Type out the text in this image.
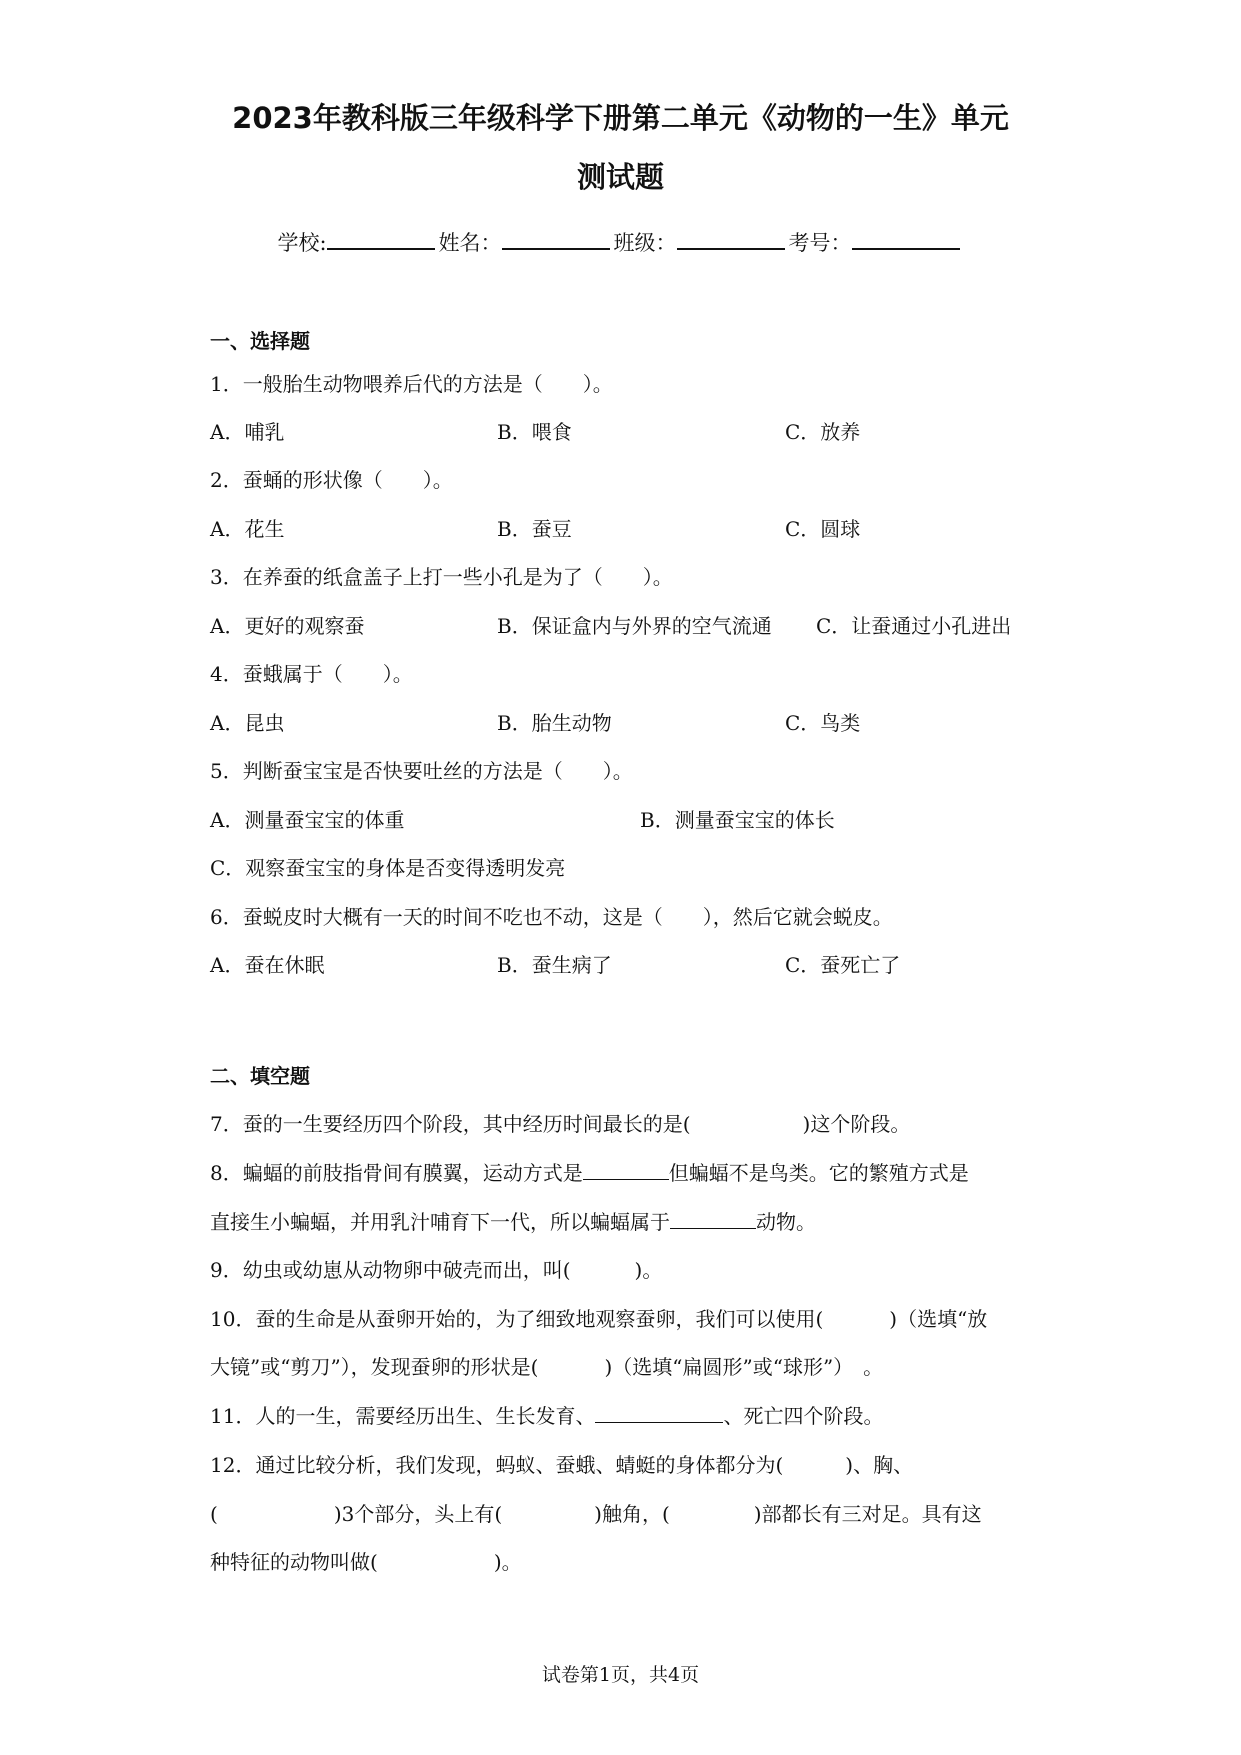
2023年教科版三年级科学下册第二单元《动物的一生》单元
测试题
学校:	姓名：	班级：	考号：
一、选择题
1．一般胎生动物喂养后代的方法是（　　）。
A．哺乳	B．喂食	C．放养
2．蚕蛹的形状像（　　）。
A．花生	B．蚕豆	C．圆球
3．在养蚕的纸盒盖子上打一些小孔是为了（　　）。
A．更好的观察蚕	B．保证盒内与外界的空气流通 C．让蚕通过小孔进出
4．蚕蛾属于（　　）。
A．昆虫	B．胎生动物	C．鸟类
5．判断蚕宝宝是否快要吐丝的方法是（　　）。
A．测量蚕宝宝的体重	B．测量蚕宝宝的体长
C．观察蚕宝宝的身体是否变得透明发亮
6．蚕蜕皮时大概有一天的时间不吃也不动，这是（　　），然后它就会蜕皮。
A．蚕在休眠	B．蚕生病了	C．蚕死亡了
二、填空题
7．蚕的一生要经历四个阶段，其中经历时间最长的是(	)这个阶段。
8．蝙蝠的前肢指骨间有膜翼，运动方式是	但蝙蝠不是鸟类。它的繁殖方式是
直接生小蝙蝠，并用乳汁哺育下一代，所以蝙蝠属于	动物。
9．幼虫或幼崽从动物卵中破壳而出，叫(	)。
10．蚕的生命是从蚕卵开始的，为了细致地观察蚕卵，我们可以使用(	)（选填“放
大镜”或“剪刀”），发现蚕卵的形状是(	)（选填“扁圆形”或“球形”）　。
11．人的一生，需要经历出生、生长发育、	、死亡四个阶段。
12．通过比较分析，我们发现，蚂蚁、蚕蛾、蜻蜓的身体都分为(	)、胸、
(	)3个部分，头上有(	)触角，(	)部都长有三对足。具有这
种特征的动物叫做(	)。
试卷第1页，共4页
